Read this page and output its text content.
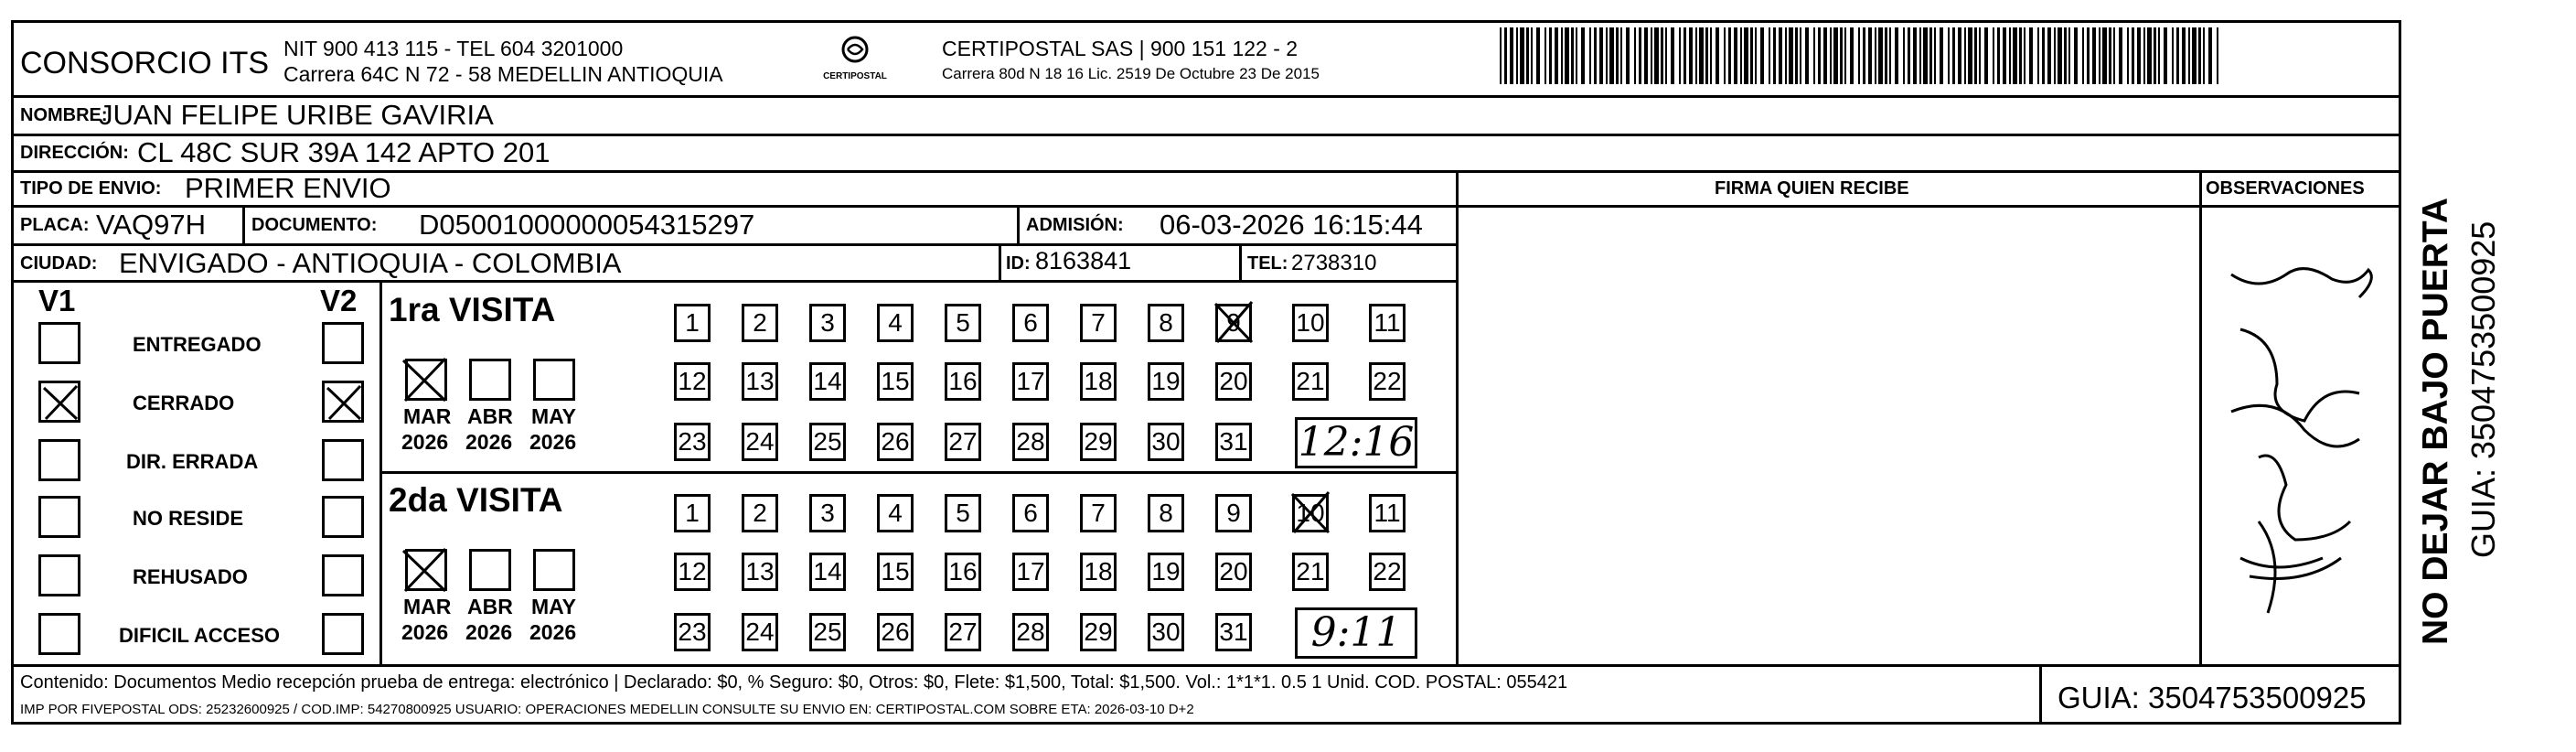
CONSORCIO ITS NIT 900 413 115 - TEL 604 3201000
Carrera 64C N 72 - 58 MEDELLIN ANTIOQUIA	CERTIPOSTAL
CERTIPOSTAL SAS | 900 151 122 - 2
Carrera 80d N 18 16 Lic. 2519 De Octubre 23 De 2015
NOMBRE:
JUAN FELIPE URIBE GAVIRIA
DIRECCIÓN: CL 48C SUR 39A 142 APTO 201
TIPO DE ENVIO: PRIMER ENVIO	FIRMA QUIEN RECIBE	OBSERVACIONES
PLACA: VAQ97H DOCUMENTO: D05001000000054315297	ADMISIÓN: 06-03-2026 16:15:44
CIUDAD: ENVIGADO - ANTIOQUIA - COLOMBIA	ID: 8163841	TEL: 2738310
V1	V2	NO DEJAR BAJO PUERTA GUIA: 3504753500925
Contenido: Documentos Medio recepción prueba de entrega: electrónico | Declarado: $0, % Seguro: $0, Otros: $0, Flete: $1,500, Total: $1,500. Vol.: 1*1*1. 0.5 1 Unid. COD. POSTAL: 055421
IMP POR FIVEPOSTAL ODS: 25232600925 / COD.IMP: 54270800925 USUARIO: OPERACIONES MEDELLIN CONSULTE SU ENVIO EN: CERTIPOSTAL.COM SOBRE ETA: 2026-03-10 D+2	GUIA: 3504753500925
ENTREGADO
CERRADO
DIR. ERRADA
NO RESIDE
REHUSADO
DIFICIL ACCESO
1ra VISITA
MAR
2026
ABR
2026
MAY
2026
1	2	3	4	5	6	7	8	9	10 11
12 13 14 15 16 17 18 19 20 21 22
23 24 25 26 27 28 29 30 31 12:16
2da VISITA
MAR
2026
ABR
2026
MAY
2026
1	2	3	4	5	6	7	8	9	10 11
12 13 14 15 16 17 18 19 20 21 22
23 24 25 26 27 28 29 30 31	9:11
